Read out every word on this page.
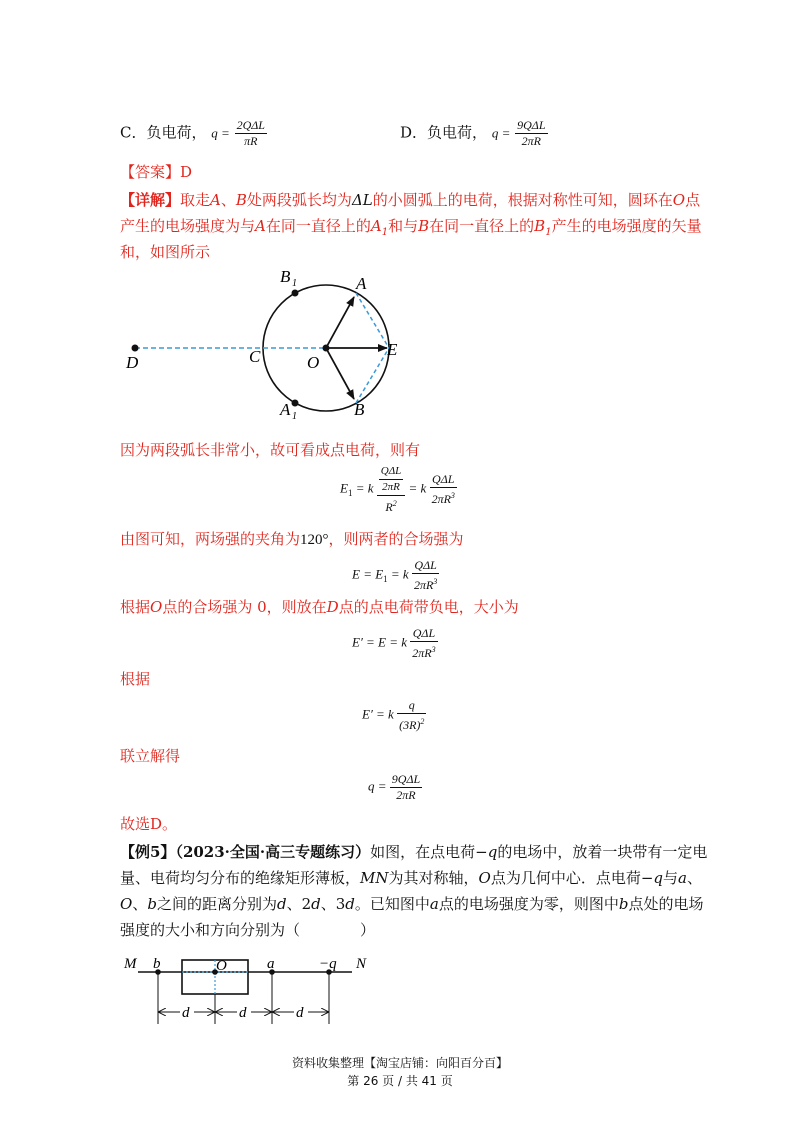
C．负电荷， $q = \frac{\text{2QΔL}}{\pi R}$	D．负电荷， $q = \frac{\text{9QΔL}}{2\pi R}$
【答案】D
【详解】取走A、B处两段弧长均为ΔL的小圆弧上的电荷，根据对称性可知，圆环在O点
产生的电场强度为与A在同一直径上的$A_1$和与B在同一直径上的$B_1$产生的电场强度的矢量
和，如图所示
D	C	O
E
A
B
B 1
A 1
因为两段弧长非常小，故可看成点电荷，则有
$E_1 = k \frac{\frac{\text{QΔL}}{2\pi R}}{R^2} = k \frac{\text{QΔL}}{2\pi R^3}$
由图可知，两场强的夹角为120°，则两者的合场强为
$E = E_1 = k \frac{\text{QΔL}}{2\pi R^3}$
根据O点的合场强为 0，则放在D点的点电荷带负电，大小为
E′ = E = k $\frac{\text{QΔL}}{2\pi R^3}$
根据
E′ = k $\frac{q}{(3R)^2}$
联立解得
$q = \frac{\text{9QΔL}}{2\pi R}$
故选D。
【例5】（2023·全国·高三专题练习）如图，在点电荷−q的电场中，放着一块带有一定电
量、电荷均匀分布的绝缘矩形薄板，MN为其对称轴，O点为几何中心．点电荷−q与a、
O、b之间的距离分别为d、2d、3d。已知图中a点的电场强度为零，则图中b点处的电场
强度的大小和方向分别为（　　　　）
d	d	d
M b	O	a	−q N
资料收集整理【淘宝店铺：向阳百分百】
第 26 页 / 共 41 页
